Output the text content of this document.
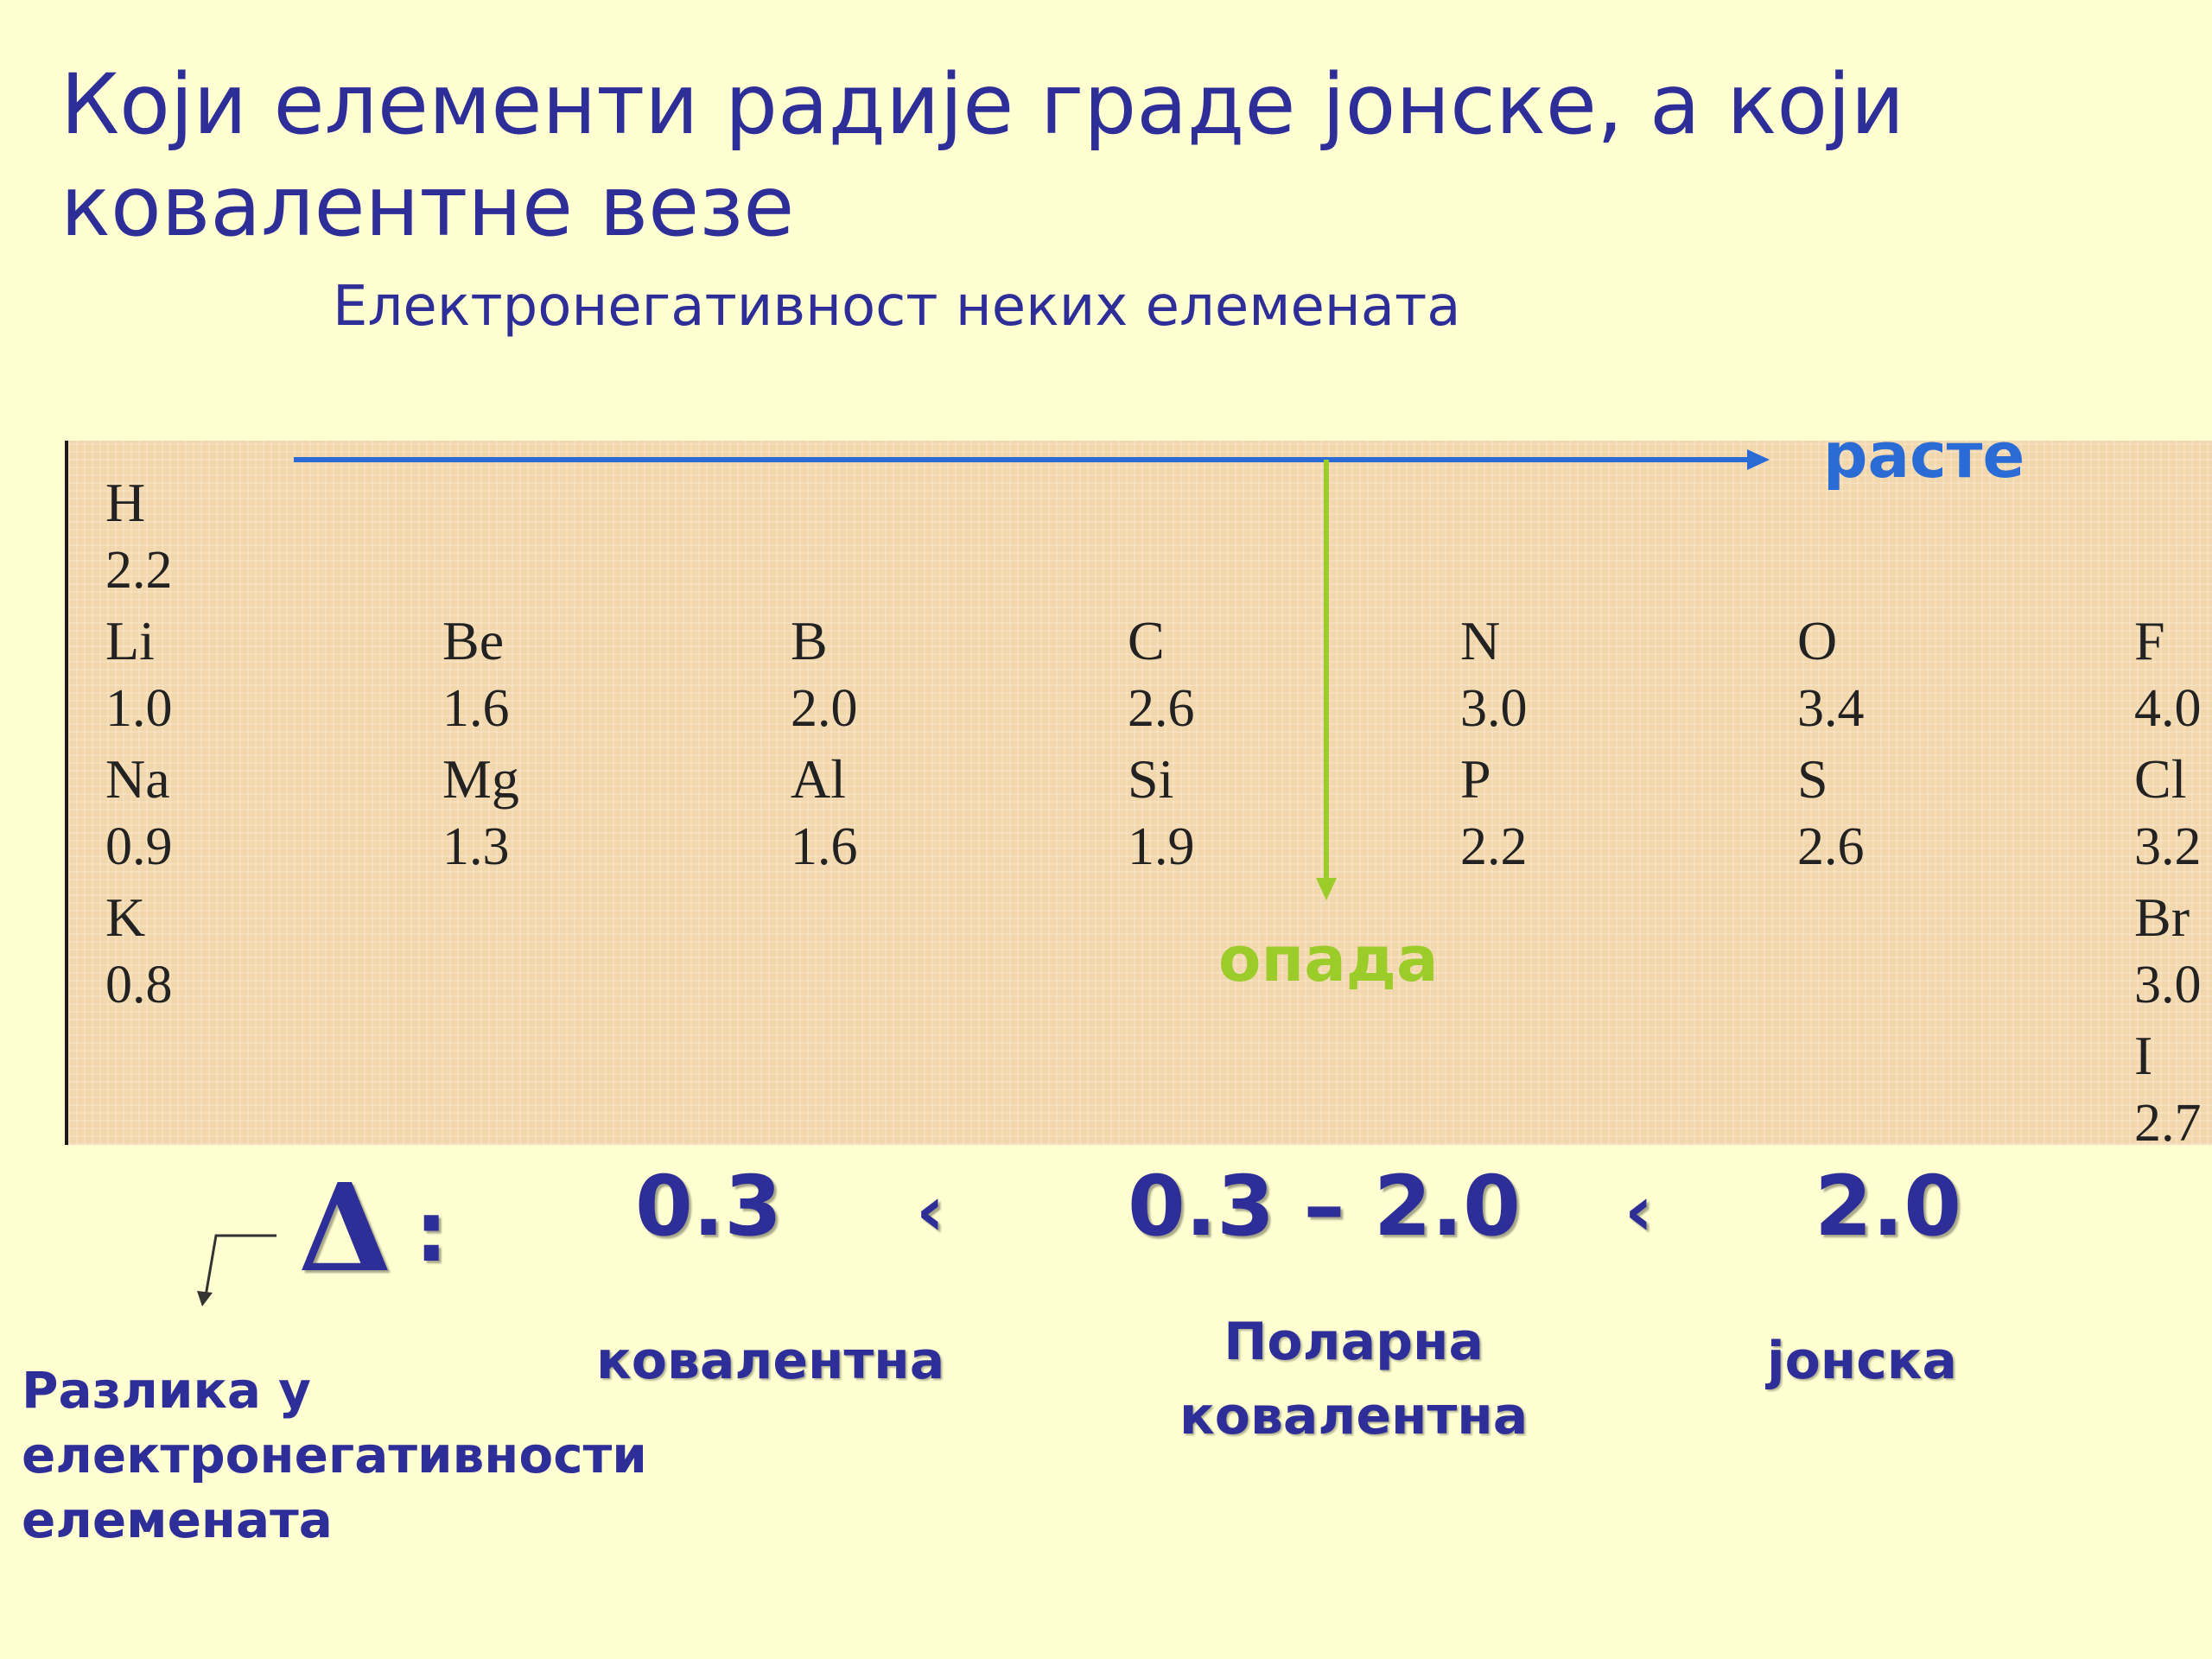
Који елементи радије граде јонске, а који
ковалентне везе
Електронегативност неких елемената
H
2.2
Li
1.0
Na
0.9
K
0.8
Be
1.6
Mg
1.3
B
2.0
Al
1.6
C
2.6
Si
1.9
N
3.0
P
2.2
O
3.4
S
2.6
F
4.0
Cl
3.2
Br
3.0
I
2.7
расте
опада
Δ : 0.3 ‹ 0.3 – 2.0 ‹ 2.0
ковалентна	Поларна
ковалентна
јонска
Разлика у
електронегативности
елемената
